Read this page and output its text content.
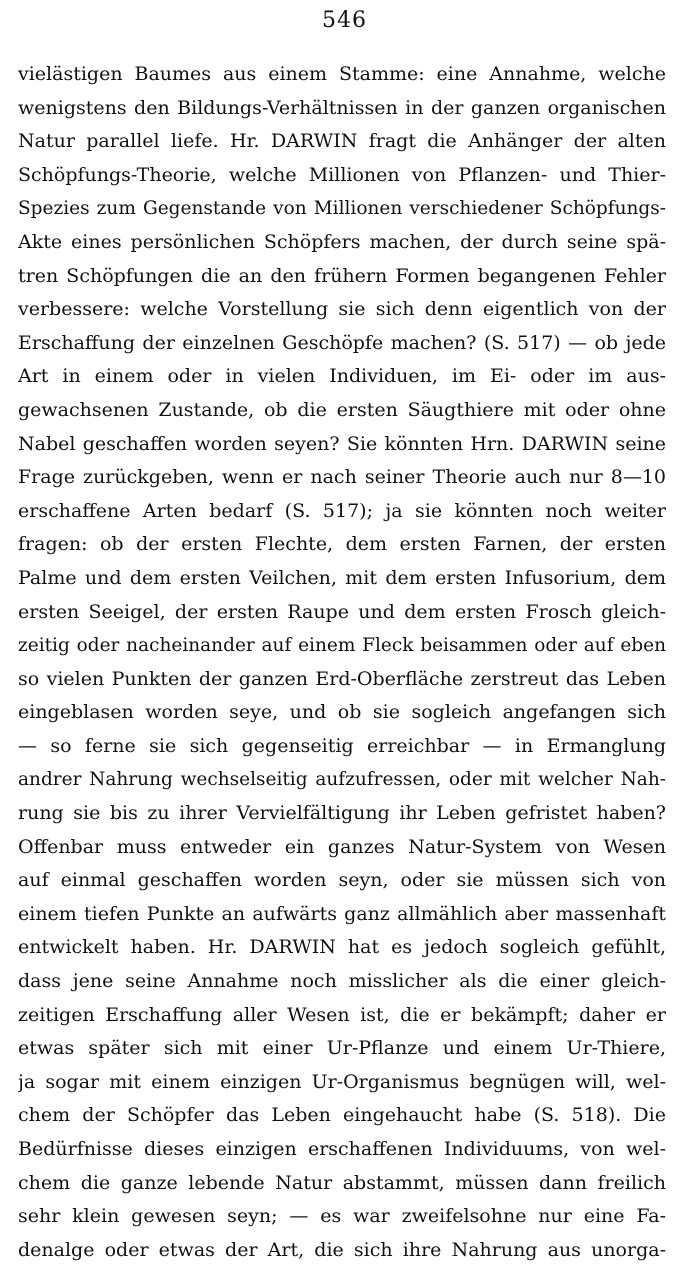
546
vielästigen Baumes aus einem Stamme: eine Annahme, welche
wenigstens den Bildungs-Verhältnissen in der ganzen organischen
Natur parallel liefe. Hr. DARWIN fragt die Anhänger der alten
Schöpfungs-Theorie, welche Millionen von Pflanzen- und Thier-
Spezies zum Gegenstande von Millionen verschiedener Schöpfungs-
Akte eines persönlichen Schöpfers machen, der durch seine spä-
tren Schöpfungen die an den frühern Formen begangenen Fehler
verbessere: welche Vorstellung sie sich denn eigentlich von der
Erschaffung der einzelnen Geschöpfe machen? (S. 517) — ob jede
Art in einem oder in vielen Individuen, im Ei- oder im aus-
gewachsenen Zustande, ob die ersten Säugthiere mit oder ohne
Nabel geschaffen worden seyen? Sie könnten Hrn. DARWIN seine
Frage zurückgeben, wenn er nach seiner Theorie auch nur 8—10
erschaffene Arten bedarf (S. 517); ja sie könnten noch weiter
fragen: ob der ersten Flechte, dem ersten Farnen, der ersten
Palme und dem ersten Veilchen, mit dem ersten Infusorium, dem
ersten Seeigel, der ersten Raupe und dem ersten Frosch gleich-
zeitig oder nacheinander auf einem Fleck beisammen oder auf eben
so vielen Punkten der ganzen Erd-Oberfläche zerstreut das Leben
eingeblasen worden seye, und ob sie sogleich angefangen sich
— so ferne sie sich gegenseitig erreichbar — in Ermanglung
andrer Nahrung wechselseitig aufzufressen, oder mit welcher Nah-
rung sie bis zu ihrer Vervielfältigung ihr Leben gefristet haben?
Offenbar muss entweder ein ganzes Natur-System von Wesen
auf einmal geschaffen worden seyn, oder sie müssen sich von
einem tiefen Punkte an aufwärts ganz allmählich aber massenhaft
entwickelt haben. Hr. DARWIN hat es jedoch sogleich gefühlt,
dass jene seine Annahme noch misslicher als die einer gleich-
zeitigen Erschaffung aller Wesen ist, die er bekämpft; daher er
etwas später sich mit einer Ur-Pflanze und einem Ur-Thiere,
ja sogar mit einem einzigen Ur-Organismus begnügen will, wel-
chem der Schöpfer das Leben eingehaucht habe (S. 518). Die
Bedürfnisse dieses einzigen erschaffenen Individuums, von wel-
chem die ganze lebende Natur abstammt, müssen dann freilich
sehr klein gewesen seyn; — es war zweifelsohne nur eine Fa-
denalge oder etwas der Art, die sich ihre Nahrung aus unorga-
